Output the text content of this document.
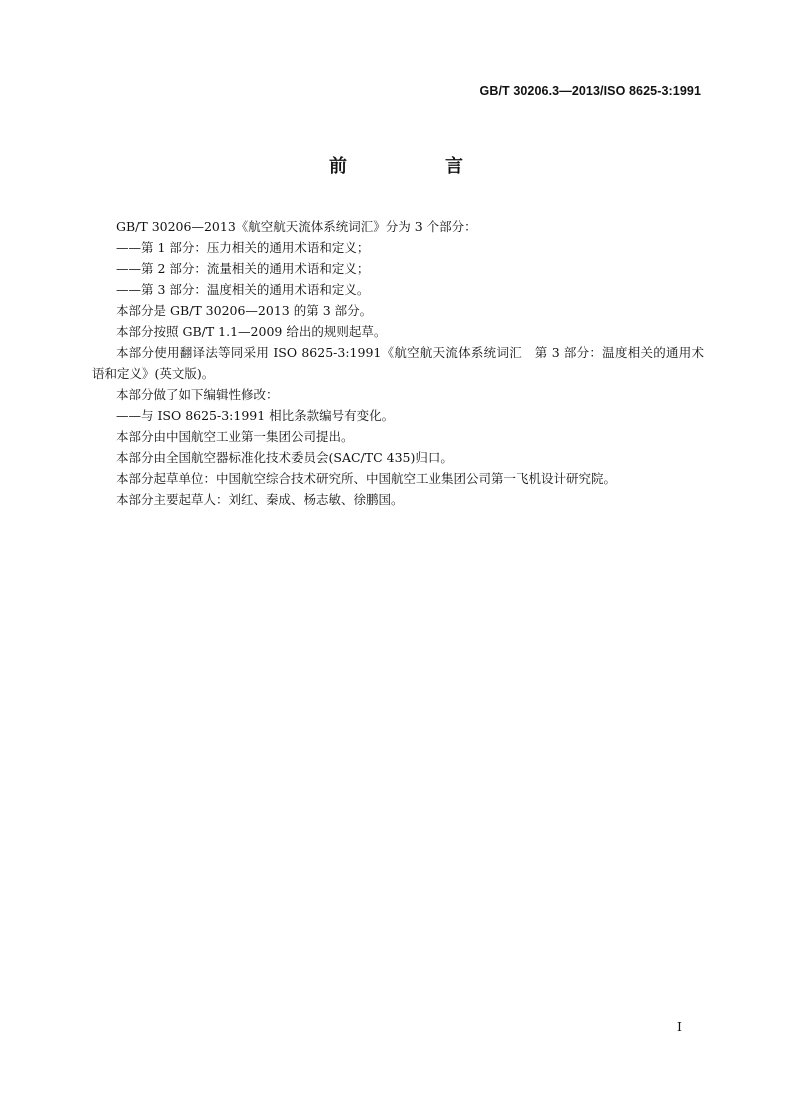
GB/T 30206.3—2013/ISO 8625-3:1991
前　言

GB/T 30206—2013《航空航天流体系统词汇》分为 3 个部分：

——第 1 部分：压力相关的通用术语和定义；

——第 2 部分：流量相关的通用术语和定义；

——第 3 部分：温度相关的通用术语和定义。

本部分是 GB/T 30206—2013 的第 3 部分。

本部分按照 GB/T 1.1—2009 给出的规则起草。

本部分使用翻译法等同采用 ISO 8625-3:1991《航空航天流体系统词汇　第 3 部分：温度相关的通用术语和定义》(英文版)。

本部分做了如下编辑性修改：

——与 ISO 8625-3:1991 相比条款编号有变化。

本部分由中国航空工业第一集团公司提出。

本部分由全国航空器标准化技术委员会(SAC/TC 435)归口。

本部分起草单位：中国航空综合技术研究所、中国航空工业集团公司第一飞机设计研究院。

本部分主要起草人：刘红、秦成、杨志敏、徐鹏国。

I
